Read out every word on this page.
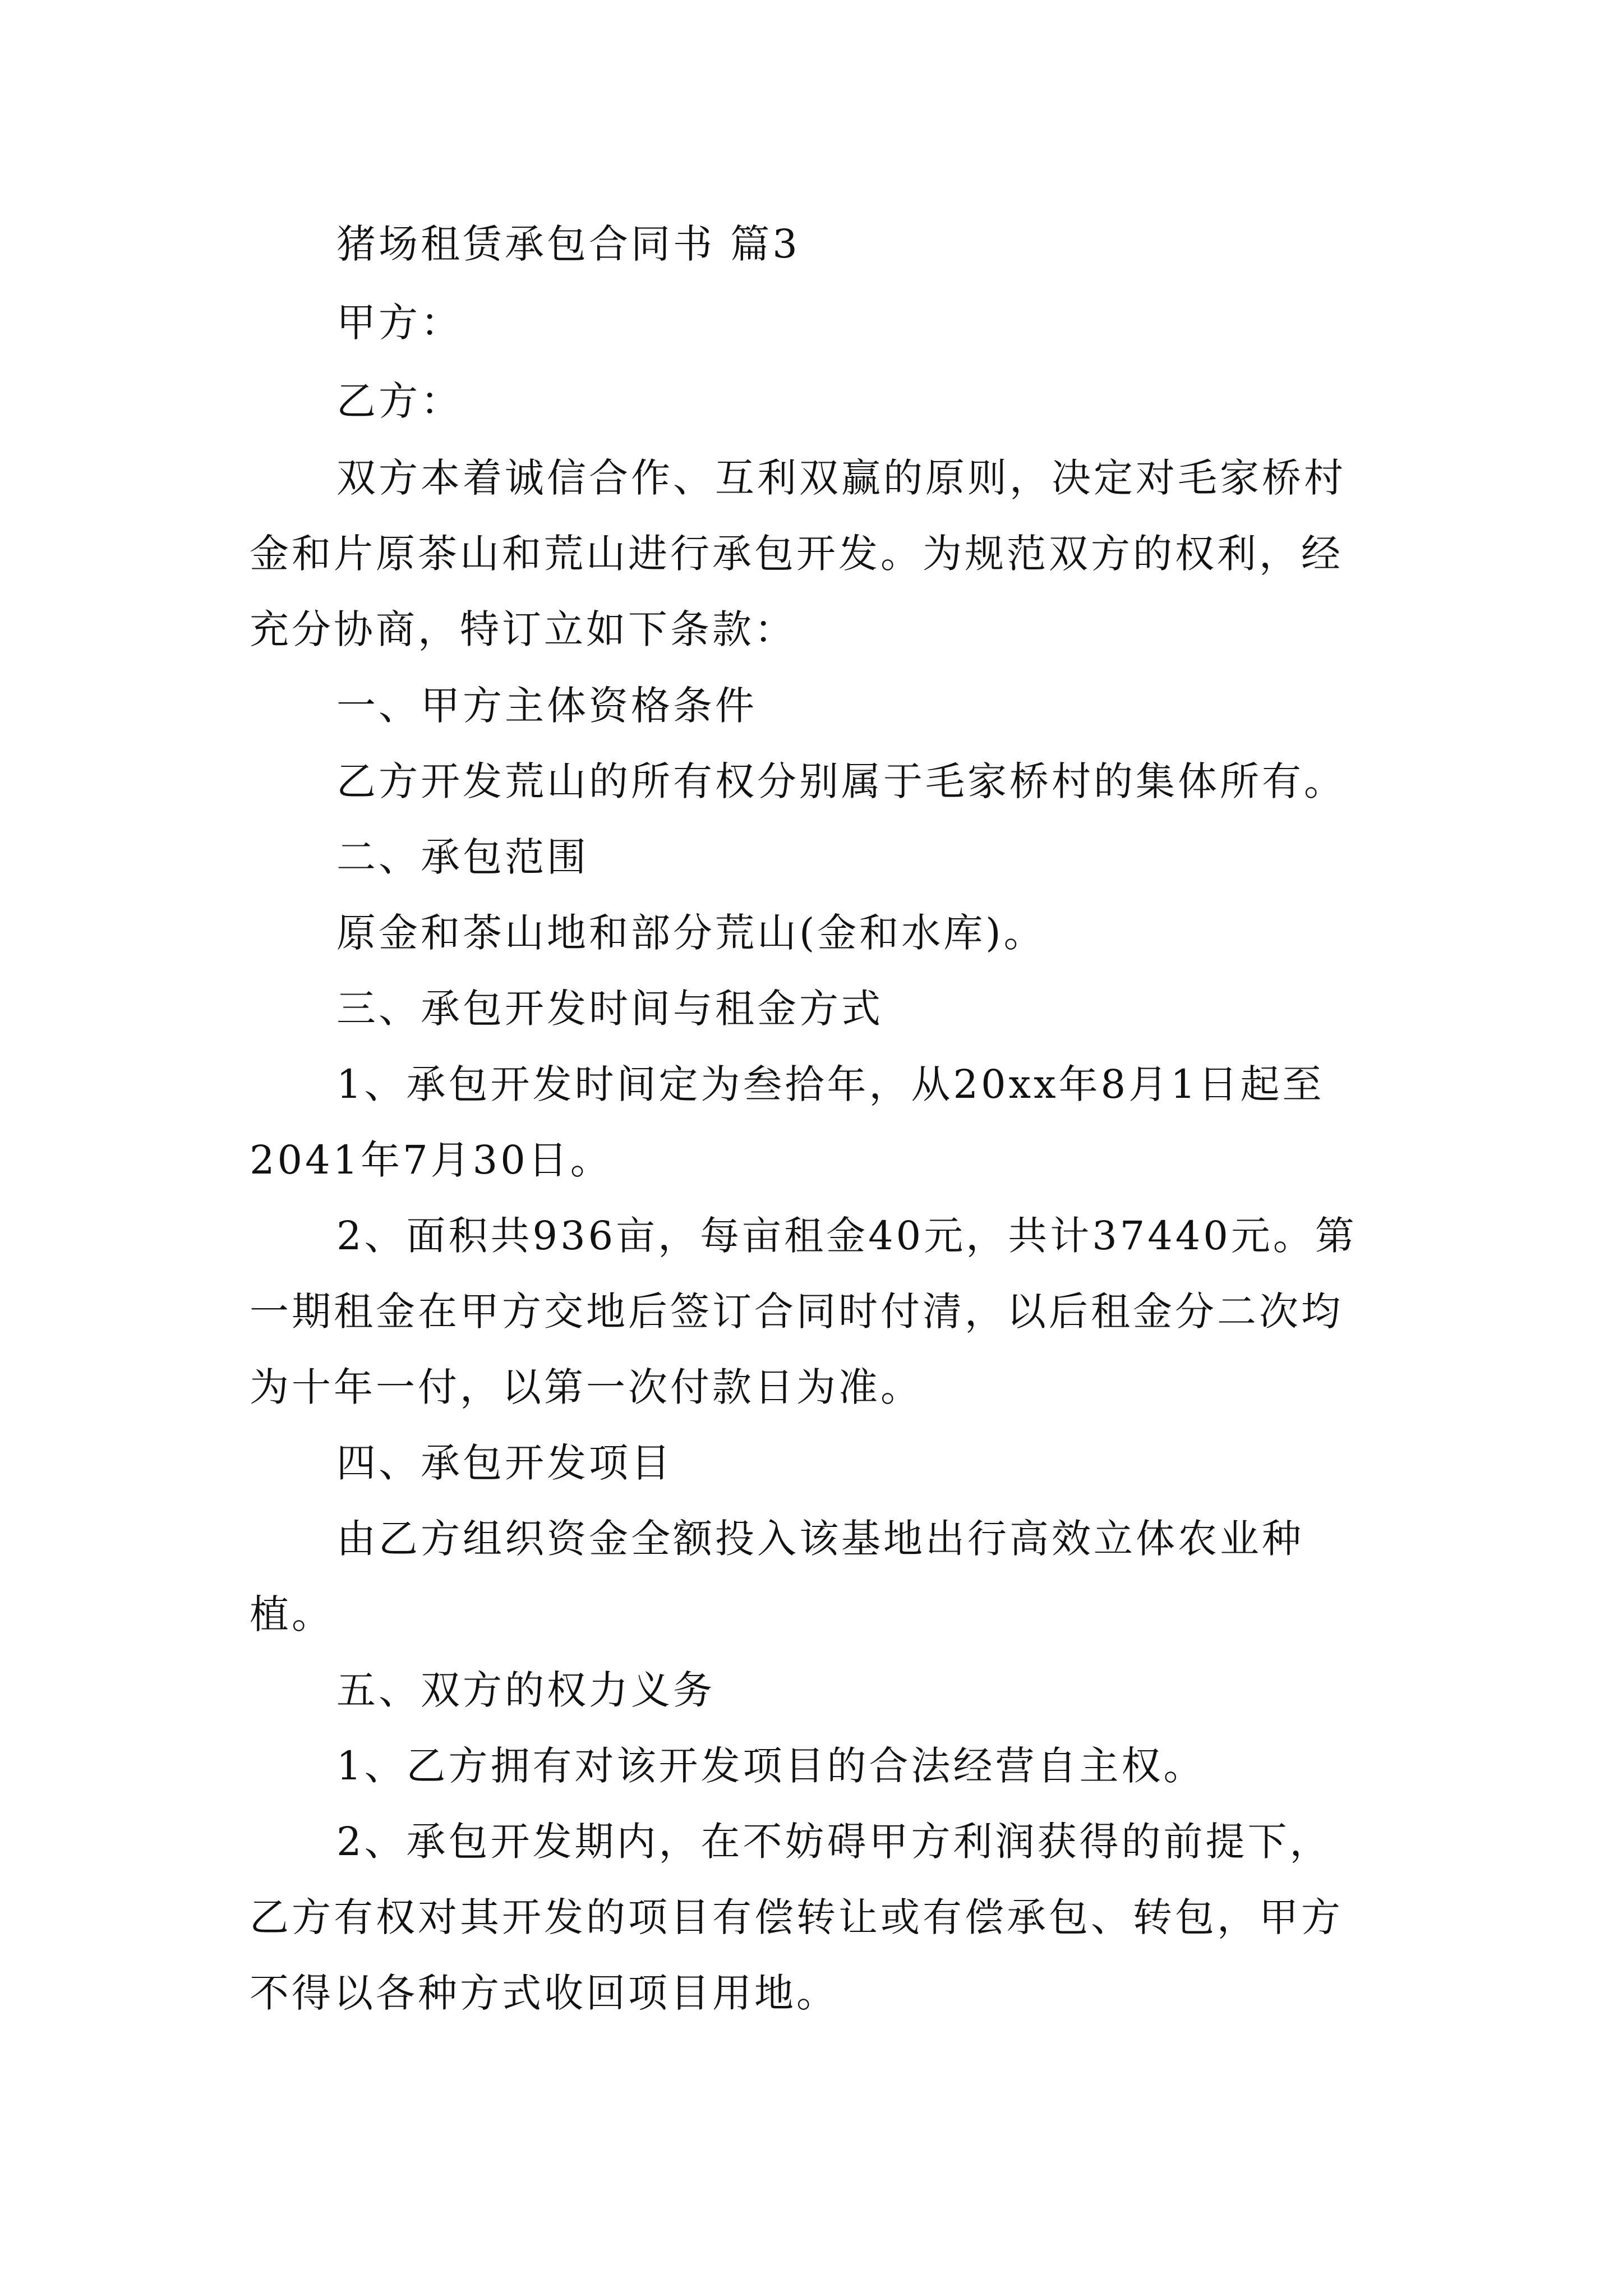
猪场租赁承包合同书 篇3
甲方：
乙方：
双方本着诚信合作、互利双赢的原则，决定对毛家桥村
金和片原茶山和荒山进行承包开发。为规范双方的权利，经
充分协商，特订立如下条款：
一、甲方主体资格条件
乙方开发荒山的所有权分别属于毛家桥村的集体所有。
二、承包范围
原金和茶山地和部分荒山(金和水库)。
三、承包开发时间与租金方式
1、承包开发时间定为叁拾年，从20xx年8月1日起至
2041年7月30日。
2、面积共936亩，每亩租金40元，共计37440元。第
一期租金在甲方交地后签订合同时付清，以后租金分二次均
为十年一付，以第一次付款日为准。
四、承包开发项目
由乙方组织资金全额投入该基地出行高效立体农业种
植。
五、双方的权力义务
1、乙方拥有对该开发项目的合法经营自主权。
2、承包开发期内，在不妨碍甲方利润获得的前提下，
乙方有权对其开发的项目有偿转让或有偿承包、转包，甲方
不得以各种方式收回项目用地。
